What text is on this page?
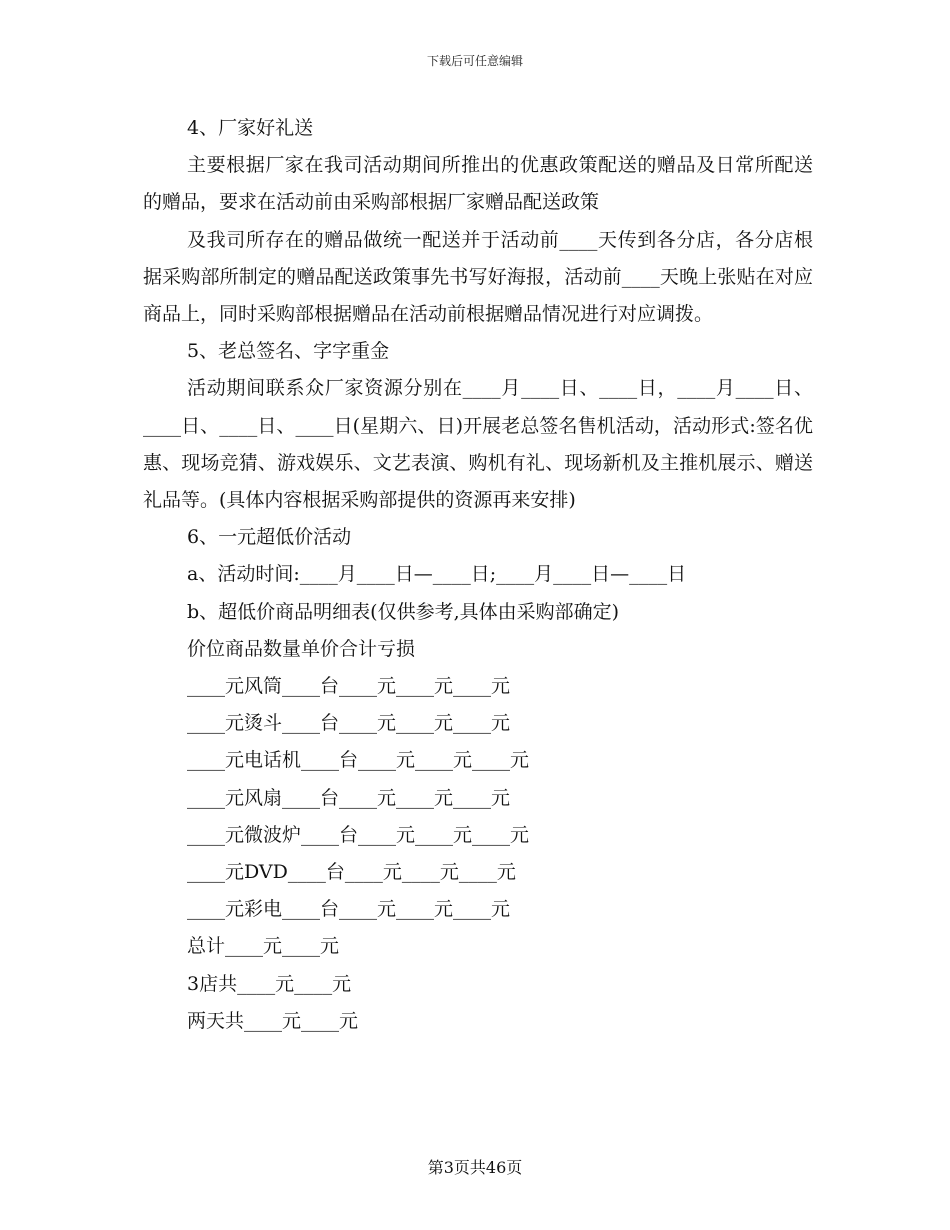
下载后可任意编辑

4、厂家好礼送

主要根据厂家在我司活动期间所推出的优惠政策配送的赠品及日常所配送的赠品，要求在活动前由采购部根据厂家赠品配送政策

及我司所存在的赠品做统一配送并于活动前____天传到各分店，各分店根据采购部所制定的赠品配送政策事先书写好海报，活动前____天晚上张贴在对应商品上，同时采购部根据赠品在活动前根据赠品情况进行对应调拨。

5、老总签名、字字重金

活动期间联系众厂家资源分别在____月____日、____日，____月____日、____日、____日、____日(星期六、日)开展老总签名售机活动，活动形式:签名优惠、现场竞猜、游戏娱乐、文艺表演、购机有礼、现场新机及主推机展示、赠送礼品等。(具体内容根据采购部提供的资源再来安排)

6、一元超低价活动

a、活动时间:____月____日—____日;____月____日—____日

b、超低价商品明细表(仅供参考,具体由采购部确定)

价位商品数量单价合计亏损

____元风筒____台____元____元____元

____元烫斗____台____元____元____元

____元电话机____台____元____元____元

____元风扇____台____元____元____元

____元微波炉____台____元____元____元

____元DVD____台____元____元____元

____元彩电____台____元____元____元

总计____元____元

3店共____元____元

两天共____元____元

第3页共46页
